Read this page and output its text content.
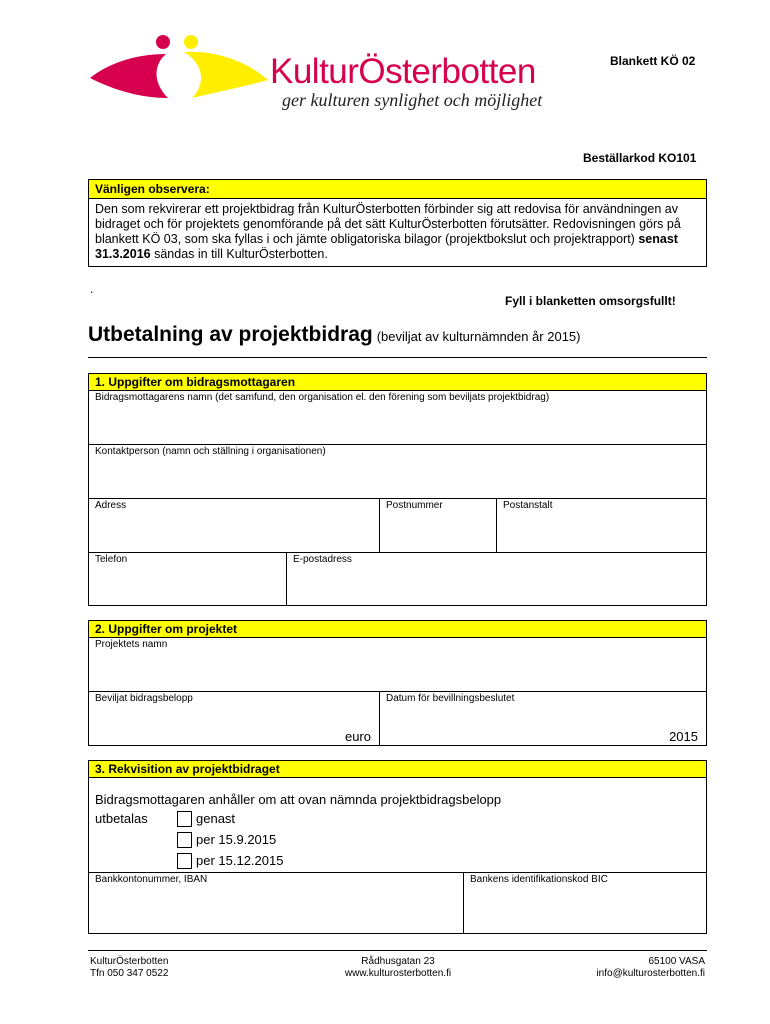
KulturÖsterbotten
ger kulturen synlighet och möjlighet
Blankett KÖ 02
Beställarkod KO101
Vänligen observera:
Den som rekvirerar ett projektbidrag från KulturÖsterbotten förbinder sig att redovisa för användningen av bidraget och för projektets genomförande på det sätt KulturÖsterbotten förutsätter. Redovisningen görs på blankett KÖ 03, som ska fyllas i och jämte obligatoriska bilagor (projektbokslut och projektrapport) senast 31.3.2016 sändas in till KulturÖsterbotten.
.
Fyll i blanketten omsorgsfullt!
Utbetalning av projektbidrag (beviljat av kulturnämnden år 2015)
1. Uppgifter om bidragsmottagaren
Bidragsmottagarens namn (det samfund, den organisation el. den förening som beviljats projektbidrag)
Kontaktperson (namn och ställning i organisationen)
Adress	Postnummer	Postanstalt
Telefon	E-postadress
2. Uppgifter om projektet
Projektets namn
Beviljat bidragsbelopp
euro
Datum för bevillningsbeslutet
2015
3. Rekvisition av projektbidraget
Bidragsmottagaren anhåller om att ovan nämnda projektbidragsbelopp
utbetalas	genast
per 15.9.2015
per 15.12.2015
Bankkontonummer, IBAN	Bankens identifikationskod BIC
KulturÖsterbotten
Tfn 050 347 0522
Rådhusgatan 23
www.kulturosterbotten.fi
65100 VASA
info@kulturosterbotten.fi
